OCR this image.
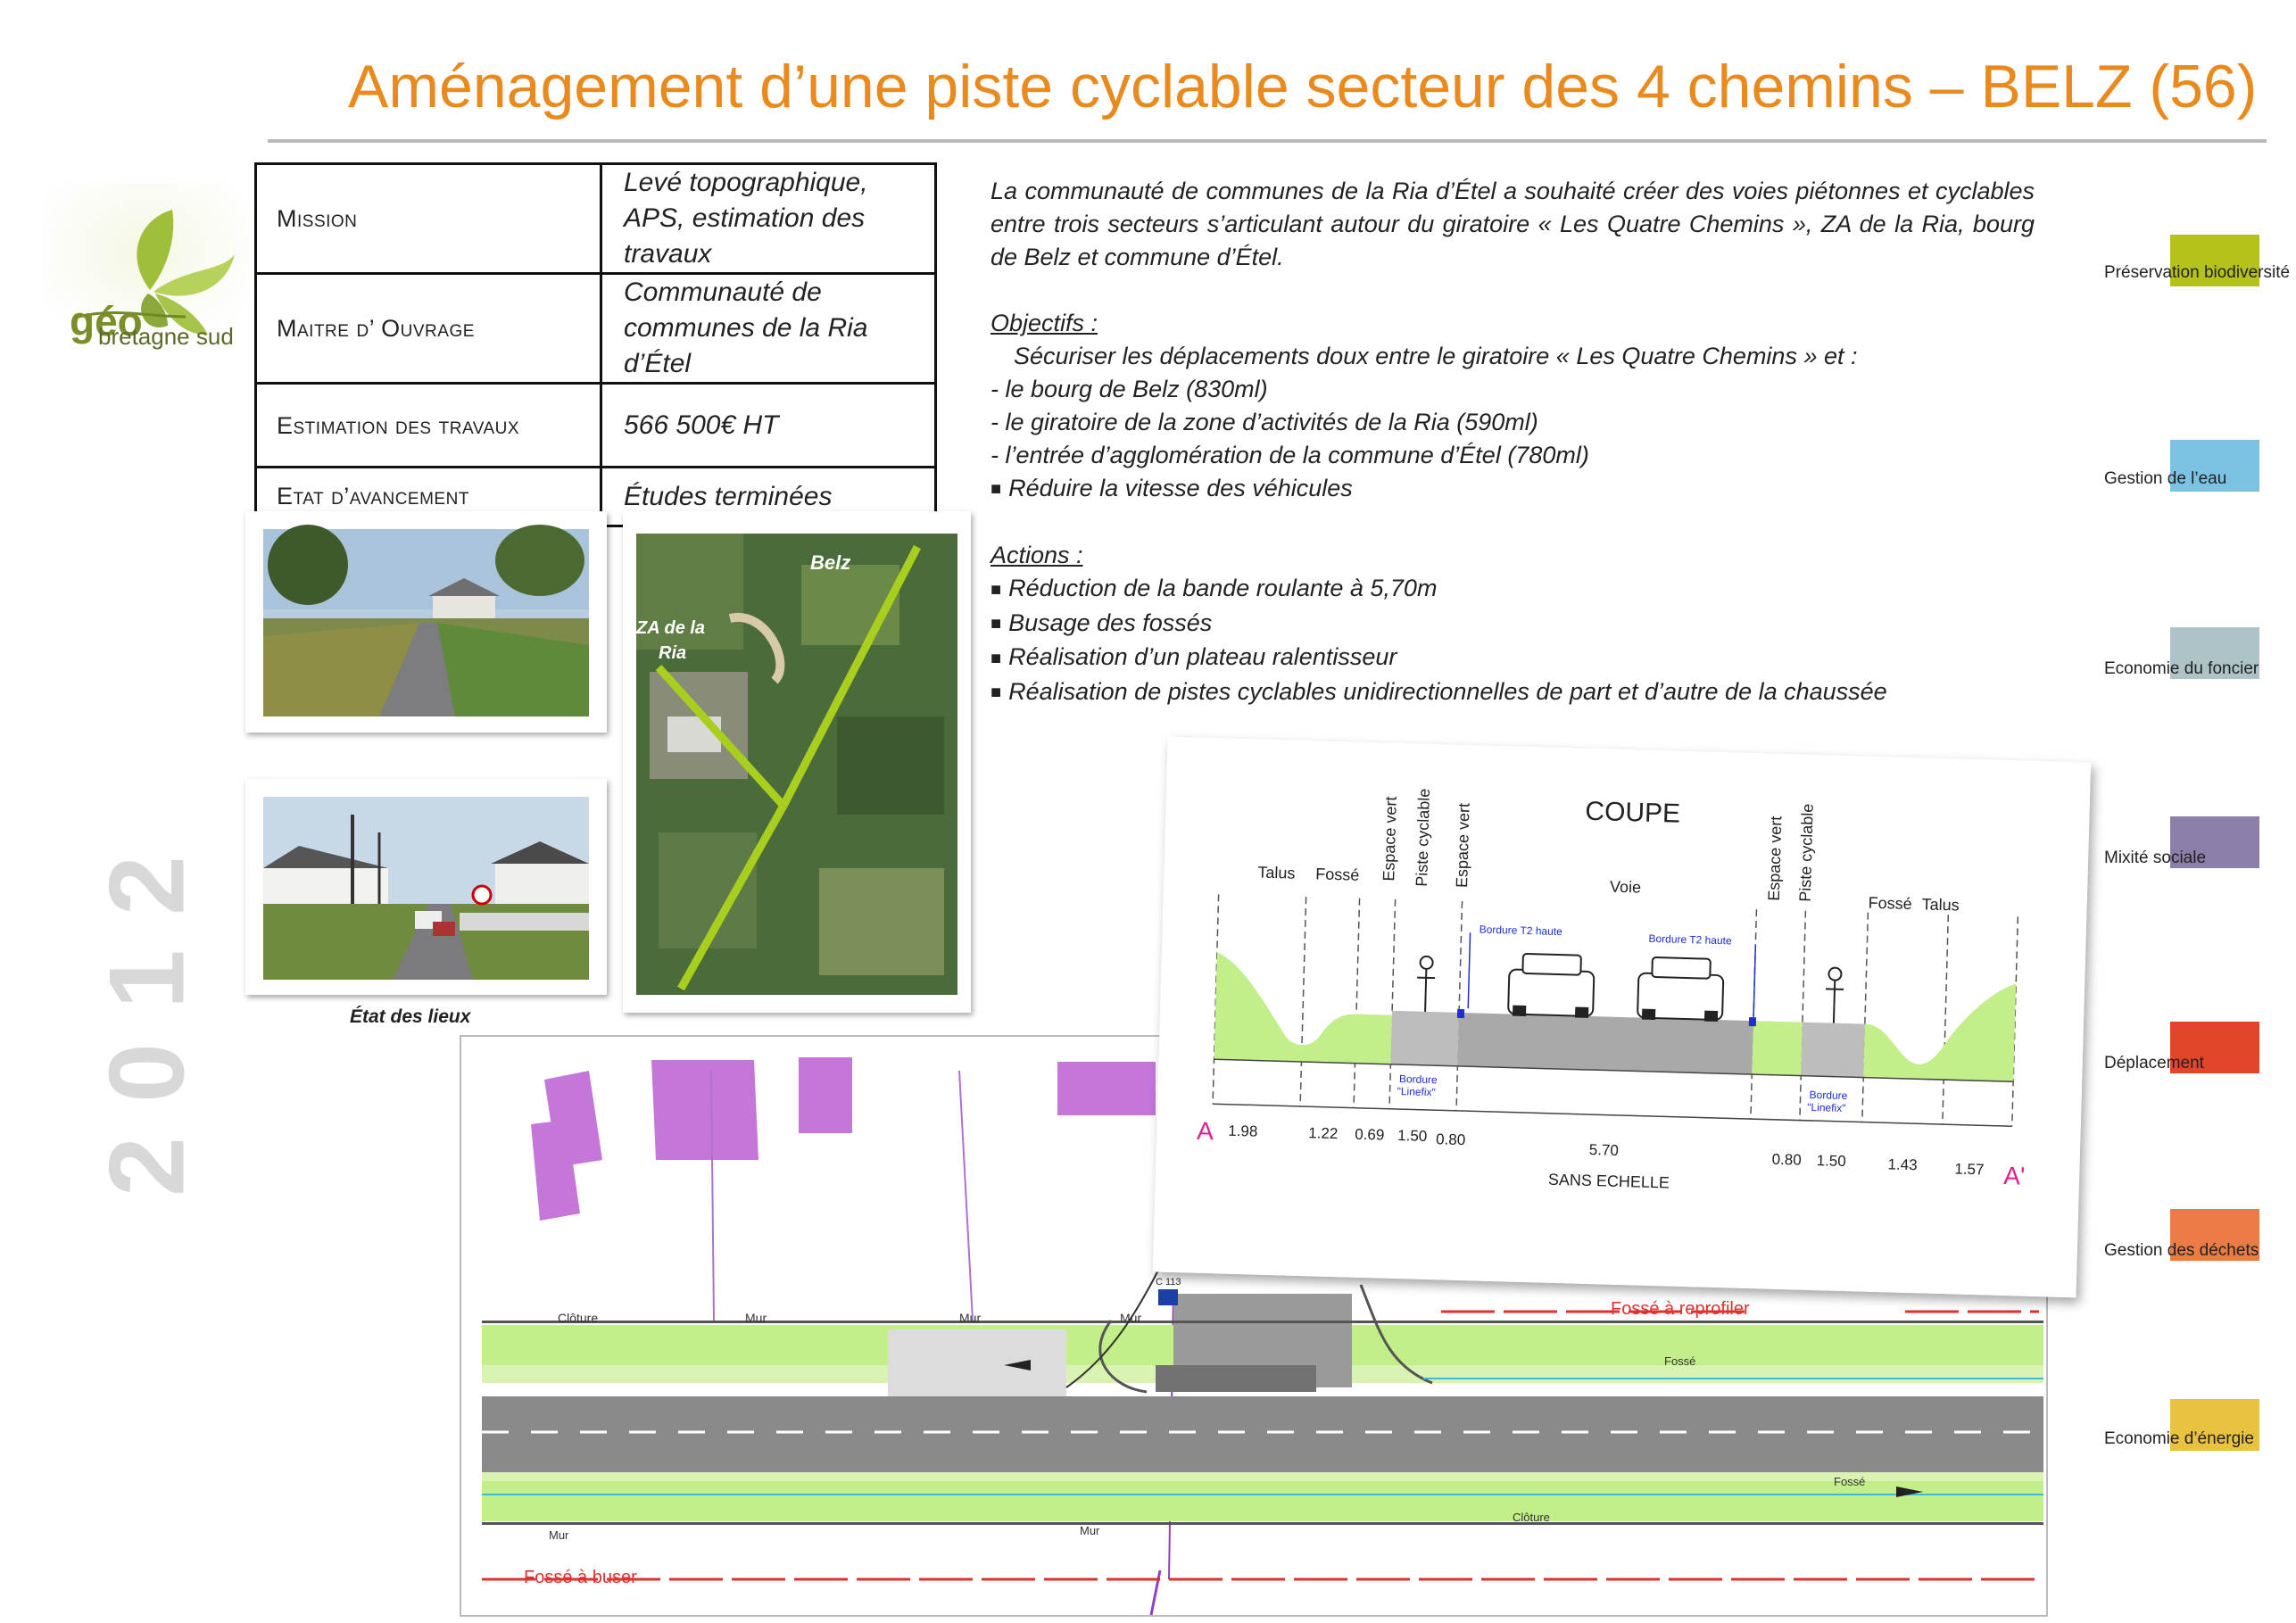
Aménagement d’une piste cyclable secteur des 4 chemins – BELZ (56)
géo
bretagne sud
2
1
0
2
Mission	Levé topographique, APS, estimation des travaux
Maitre d’ Ouvrage	Communauté de communes de la Ria d’Étel
Estimation des travaux	566 500€ HT
Etat d’avancement	Études terminées
État des lieux
Belz
ZA de la
Ria

La communauté de communes de la Ria d’Étel a souhaité créer des voies piétonnes et cyclables entre trois secteurs s’articulant autour du giratoire « Les Quatre Chemins », ZA de la Ria, bourg de Belz et commune d’Étel.

Objectifs :

Sécuriser les déplacements doux entre le giratoire « Les Quatre Chemins » et :

- le bourg de Belz (830ml)

- le giratoire de la zone d’activités de la Ria (590ml)

- l’entrée d’agglomération de la commune d’Étel (780ml)

■ Réduire la vitesse des véhicules

Actions :

■ Réduction de la bande roulante à 5,70m

■ Busage des fossés

■ Réalisation d’un plateau ralentisseur

■ Réalisation de pistes cyclables unidirectionnelles de part et d’autre de la chaussée

Préservation biodiversité
Gestion de l’eau
Economie du foncier
Mixité sociale
Déplacement
Gestion des déchets
Economie d’énergie
Clôture	Mur	Mur	Mur
C 113
Fossé à reprofiler
Fossé
Fossé
Clôture
Mur	Mur
Fossé à buser
COUPE
Talus Fossé Espace vert Piste cyclable Espace vert	Voie	Espace vert Piste cyclable
Fossé Talus
Bordure T2 haute
Bordure T2 haute
Bordure
"Linefix"	Bordure
"Linefix"
A 1.98	1.22 0.69 1.50 0.80
5.70
0.80 1.50	1.43 1.57 A'
SANS ECHELLE
